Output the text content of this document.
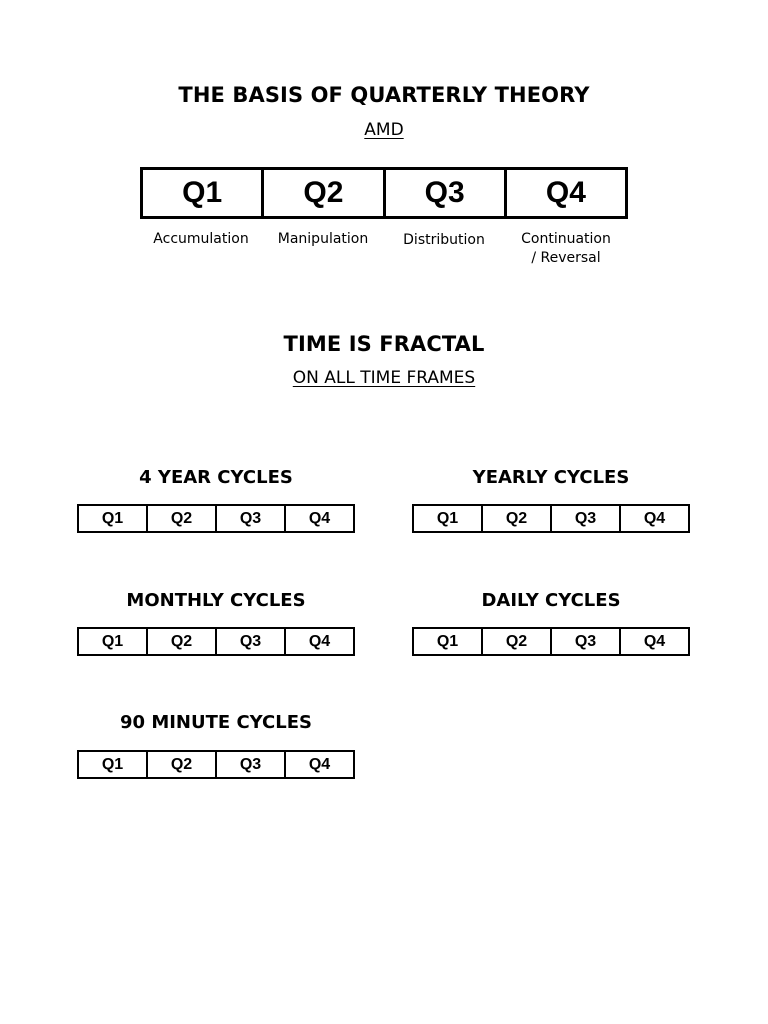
THE BASIS OF QUARTERLY THEORY
AMD
Q1	Q2	Q3	Q4
Accumulation	Manipulation	Distribution	Continuation
/ Reversal
TIME IS FRACTAL
ON ALL TIME FRAMES
4 YEAR CYCLES
Q1	Q2	Q3	Q4
YEARLY CYCLES
Q1	Q2	Q3	Q4
MONTHLY CYCLES
Q1	Q2	Q3	Q4
DAILY CYCLES
Q1	Q2	Q3	Q4
90 MINUTE CYCLES
Q1	Q2	Q3	Q4
